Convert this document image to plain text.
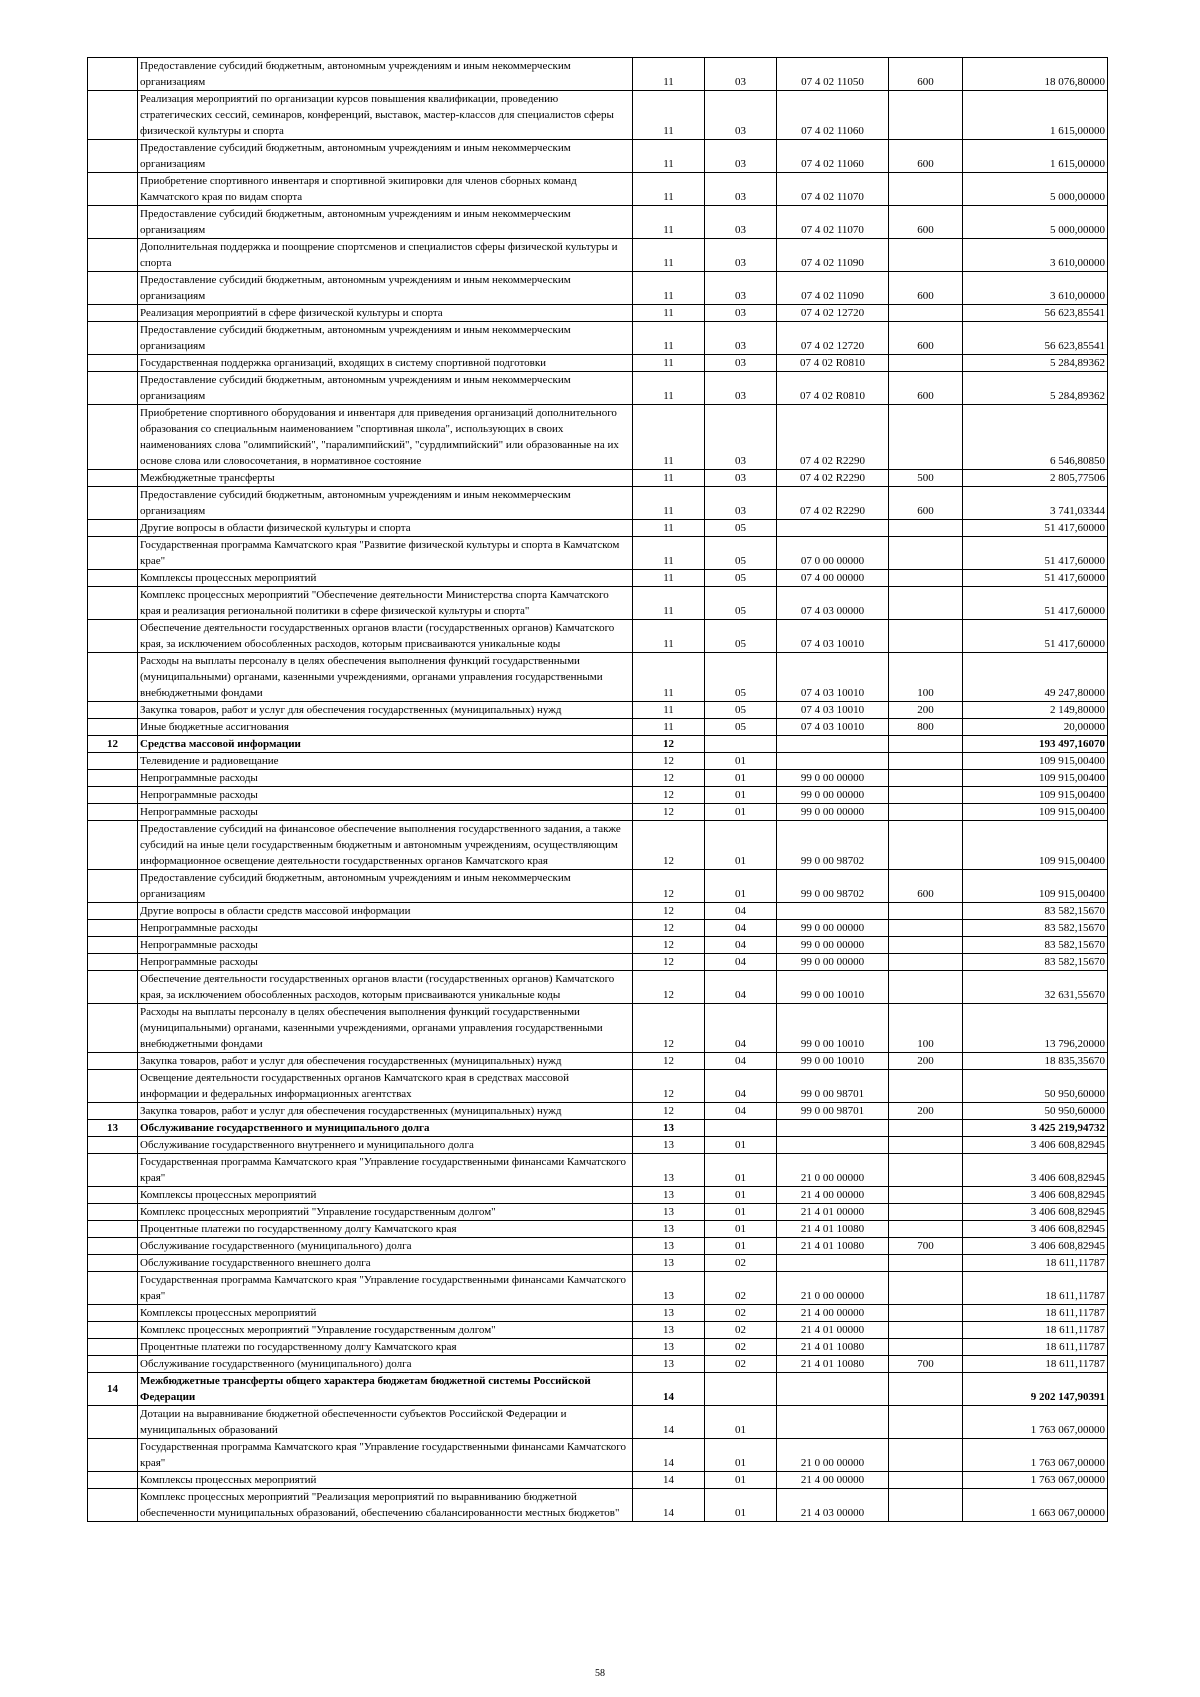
	Предоставление субсидий бюджетным, автономным учреждениям и иным некоммерческим организациям	11	03	07 4 02 11050	600	18 076,80000
	Реализация мероприятий по организации курсов повышения квалификации, проведению стратегических сессий, семинаров, конференций, выставок, мастер-классов для специалистов сферы физической культуры и спорта	11	03	07 4 02 11060		1 615,00000
	Предоставление субсидий бюджетным, автономным учреждениям и иным некоммерческим организациям	11	03	07 4 02 11060	600	1 615,00000
	Приобретение спортивного инвентаря и спортивной экипировки для членов сборных команд Камчатского края по видам спорта	11	03	07 4 02 11070		5 000,00000
	Предоставление субсидий бюджетным, автономным учреждениям и иным некоммерческим организациям	11	03	07 4 02 11070	600	5 000,00000
	Дополнительная поддержка и поощрение спортсменов и специалистов сферы физической культуры и спорта	11	03	07 4 02 11090		3 610,00000
	Предоставление субсидий бюджетным, автономным учреждениям и иным некоммерческим организациям	11	03	07 4 02 11090	600	3 610,00000
	Реализация мероприятий в сфере физической культуры и спорта	11	03	07 4 02 12720		56 623,85541
	Предоставление субсидий бюджетным, автономным учреждениям и иным некоммерческим организациям	11	03	07 4 02 12720	600	56 623,85541
	Государственная поддержка организаций, входящих в систему спортивной подготовки	11	03	07 4 02 R0810		5 284,89362
	Предоставление субсидий бюджетным, автономным учреждениям и иным некоммерческим организациям	11	03	07 4 02 R0810	600	5 284,89362
	Приобретение спортивного оборудования и инвентаря для приведения организаций дополнительного образования со специальным наименованием "спортивная школа", использующих в своих наименованиях слова "олимпийский", "паралимпийский", "сурдлимпийский" или образованные на их основе слова или словосочетания, в нормативное состояние	11	03	07 4 02 R2290		6 546,80850
	Межбюджетные трансферты	11	03	07 4 02 R2290	500	2 805,77506
	Предоставление субсидий бюджетным, автономным учреждениям и иным некоммерческим организациям	11	03	07 4 02 R2290	600	3 741,03344
	Другие вопросы в области физической культуры и спорта	11	05			51 417,60000
	Государственная программа Камчатского края "Развитие физической культуры и спорта в Камчатском крае"	11	05	07 0 00 00000		51 417,60000
	Комплексы процессных мероприятий	11	05	07 4 00 00000		51 417,60000
	Комплекс процессных мероприятий "Обеспечение деятельности Министерства спорта Камчатского края и реализация региональной политики в сфере физической культуры и спорта"	11	05	07 4 03 00000		51 417,60000
	Обеспечение деятельности государственных органов власти (государственных органов) Камчатского края, за исключением обособленных расходов, которым присваиваются уникальные коды	11	05	07 4 03 10010		51 417,60000
	Расходы на выплаты персоналу в целях обеспечения выполнения функций государственными (муниципальными) органами, казенными учреждениями, органами управления государственными внебюджетными фондами	11	05	07 4 03 10010	100	49 247,80000
	Закупка товаров, работ и услуг для обеспечения государственных (муниципальных) нужд	11	05	07 4 03 10010	200	2 149,80000
	Иные бюджетные ассигнования	11	05	07 4 03 10010	800	20,00000
12	Средства массовой информации	12				193 497,16070
	Телевидение и радиовещание	12	01			109 915,00400
	Непрограммные расходы	12	01	99 0 00 00000		109 915,00400
	Непрограммные расходы	12	01	99 0 00 00000		109 915,00400
	Непрограммные расходы	12	01	99 0 00 00000		109 915,00400
	Предоставление субсидий на финансовое обеспечение выполнения государственного задания, а также субсидий на иные цели государственным бюджетным и автономным учреждениям, осуществляющим информационное освещение деятельности государственных органов Камчатского края	12	01	99 0 00 98702		109 915,00400
	Предоставление субсидий бюджетным, автономным учреждениям и иным некоммерческим организациям	12	01	99 0 00 98702	600	109 915,00400
	Другие вопросы в области средств массовой информации	12	04			83 582,15670
	Непрограммные расходы	12	04	99 0 00 00000		83 582,15670
	Непрограммные расходы	12	04	99 0 00 00000		83 582,15670
	Непрограммные расходы	12	04	99 0 00 00000		83 582,15670
	Обеспечение деятельности государственных органов власти (государственных органов) Камчатского края, за исключением обособленных расходов, которым присваиваются уникальные коды	12	04	99 0 00 10010		32 631,55670
	Расходы на выплаты персоналу в целях обеспечения выполнения функций государственными (муниципальными) органами, казенными учреждениями, органами управления государственными внебюджетными фондами	12	04	99 0 00 10010	100	13 796,20000
	Закупка товаров, работ и услуг для обеспечения государственных (муниципальных) нужд	12	04	99 0 00 10010	200	18 835,35670
	Освещение деятельности государственных органов Камчатского края в средствах массовой информации и федеральных информационных агентствах	12	04	99 0 00 98701		50 950,60000
	Закупка товаров, работ и услуг для обеспечения государственных (муниципальных) нужд	12	04	99 0 00 98701	200	50 950,60000
13	Обслуживание государственного и муниципального долга	13				3 425 219,94732
	Обслуживание государственного внутреннего и муниципального долга	13	01			3 406 608,82945
	Государственная программа Камчатского края "Управление государственными финансами Камчатского края"	13	01	21 0 00 00000		3 406 608,82945
	Комплексы процессных мероприятий	13	01	21 4 00 00000		3 406 608,82945
	Комплекс процессных мероприятий "Управление государственным долгом"	13	01	21 4 01 00000		3 406 608,82945
	Процентные платежи по государственному долгу Камчатского края	13	01	21 4 01 10080		3 406 608,82945
	Обслуживание государственного (муниципального) долга	13	01	21 4 01 10080	700	3 406 608,82945
	Обслуживание государственного внешнего долга	13	02			18 611,11787
	Государственная программа Камчатского края "Управление государственными финансами Камчатского края"	13	02	21 0 00 00000		18 611,11787
	Комплексы процессных мероприятий	13	02	21 4 00 00000		18 611,11787
	Комплекс процессных мероприятий "Управление государственным долгом"	13	02	21 4 01 00000		18 611,11787
	Процентные платежи по государственному долгу Камчатского края	13	02	21 4 01 10080		18 611,11787
	Обслуживание государственного (муниципального) долга	13	02	21 4 01 10080	700	18 611,11787
14	Межбюджетные трансферты общего характера бюджетам бюджетной системы Российской Федерации	14				9 202 147,90391
	Дотации на выравнивание бюджетной обеспеченности субъектов Российской Федерации и муниципальных образований	14	01			1 763 067,00000
	Государственная программа Камчатского края "Управление государственными финансами Камчатского края"	14	01	21 0 00 00000		1 763 067,00000
	Комплексы процессных мероприятий	14	01	21 4 00 00000		1 763 067,00000
	Комплекс процессных мероприятий "Реализация мероприятий по выравниванию бюджетной обеспеченности муниципальных образований, обеспечению сбалансированности местных бюджетов"	14	01	21 4 03 00000		1 663 067,00000
58
